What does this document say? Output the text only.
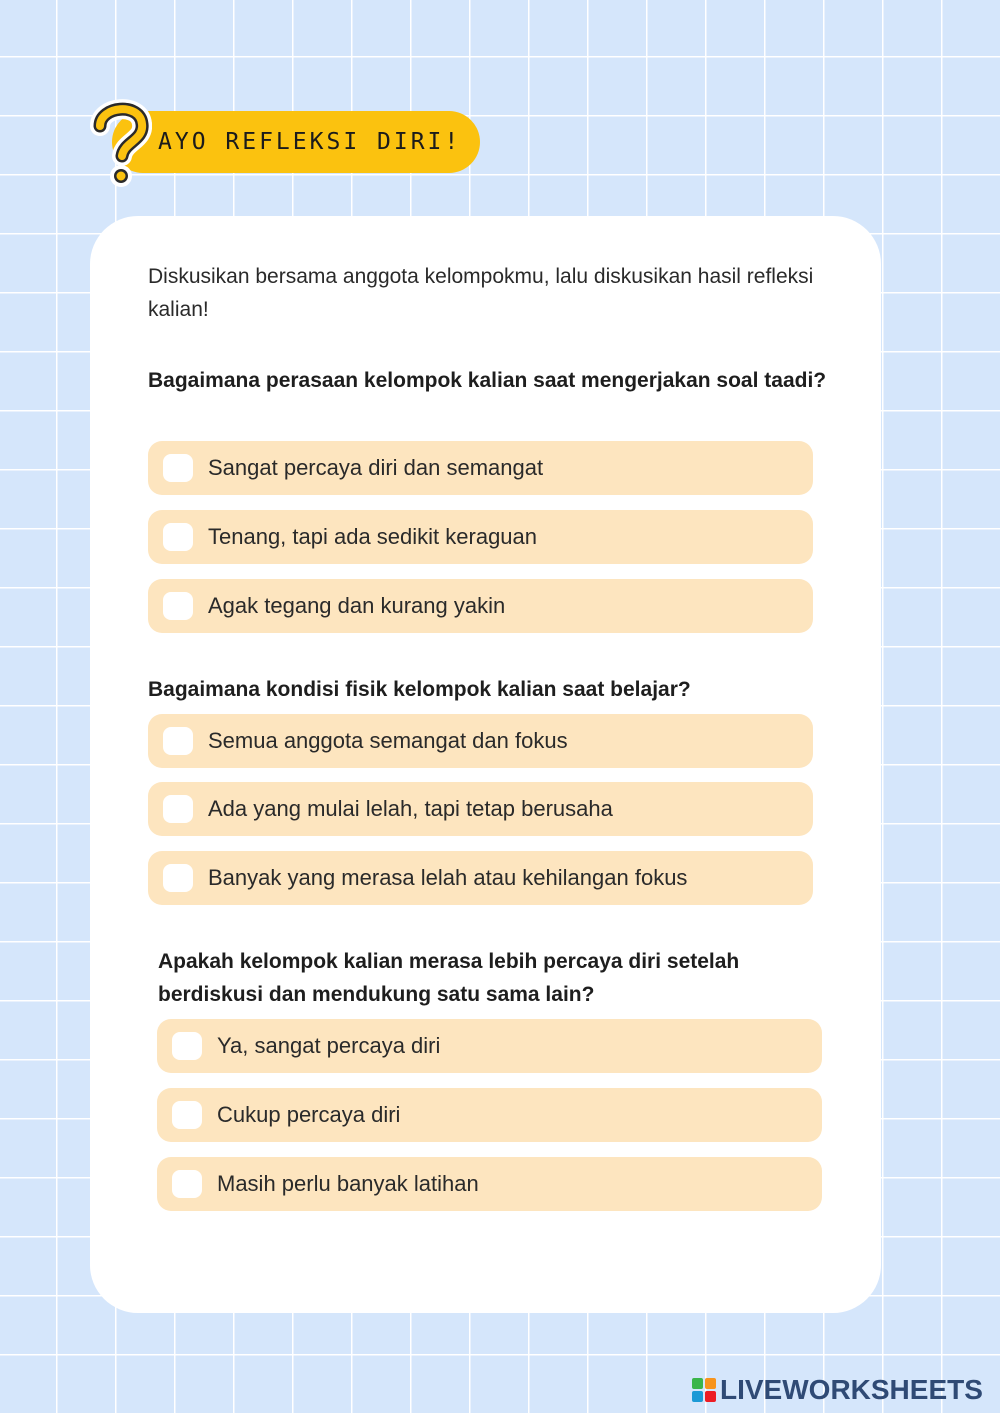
AYO REFLEKSI DIRI!

Diskusikan bersama anggota kelompokmu, lalu diskusikan hasil refleksi kalian!

Bagaimana perasaan kelompok kalian saat mengerjakan soal taadi?

Sangat percaya diri dan semangat
Tenang, tapi ada sedikit keraguan
Agak tegang dan kurang yakin

Bagaimana kondisi fisik kelompok kalian saat belajar?

Semua anggota semangat dan fokus
Ada yang mulai lelah, tapi tetap berusaha
Banyak yang merasa lelah atau kehilangan fokus

Apakah kelompok kalian merasa lebih percaya diri setelah berdiskusi dan mendukung satu sama lain?

Ya, sangat percaya diri
Cukup percaya diri
Masih perlu banyak latihan
LIVEWORKSHEETS
